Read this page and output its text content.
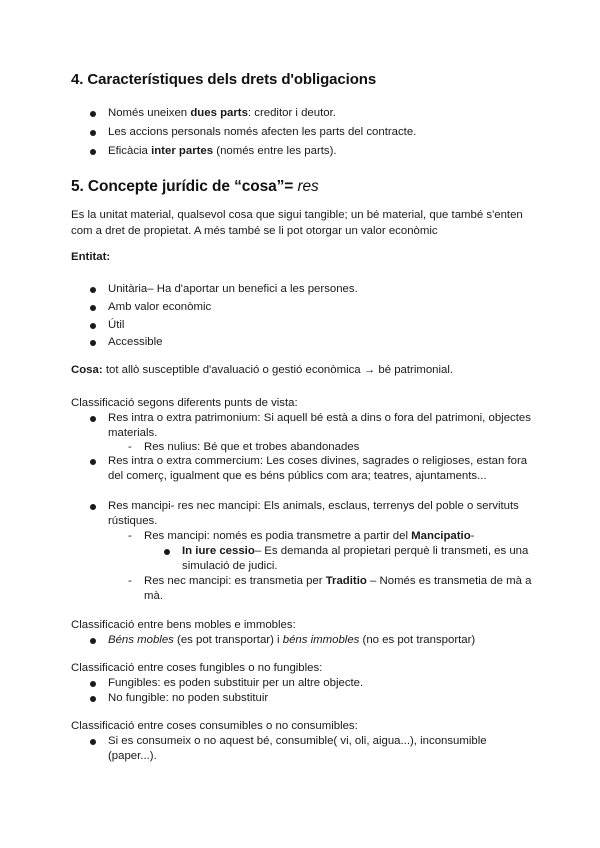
4. Característiques dels drets d'obligacions
Només uneixen dues parts: creditor i deutor.
Les accions personals només afecten les parts del contracte.
Eficàcia inter partes (només entre les parts).
5. Concepte jurídic de “cosa”= res
Es la unitat material, qualsevol cosa que sigui tangible; un bé material, que també s'enten
com a dret de propietat. A més també se li pot otorgar un valor econòmic
Entitat:
Unitària– Ha d'aportar un benefici a les persones.
Amb valor econòmic
Útil
Accessible
Cosa: tot allò susceptible d'avaluació o gestió econòmica → bé patrimonial.
Classificació segons diferents punts de vista:
Res intra o extra patrimonium: Si aquell bé està a dins o fora del patrimoni, objectes
materials.
- Res nulius: Bé que et trobes abandonades
Res intra o extra commercium: Les coses divines, sagrades o religioses, estan fora
del comerç, igualment que es béns públics com ara; teatres, ajuntaments...
Res mancipi- res nec mancipi: Els animals, esclaus, terrenys del poble o servituts
rústiques.
- Res mancipi: només es podia transmetre a partir del Mancipatio-
In iure cessio– Es demanda al propietari perquè li transmeti, es una
simulació de judici.
- Res nec mancipi: es transmetia per Traditio – Només es transmetia de mà a
mà.
Classificació entre bens mobles e immobles:
Béns mobles (es pot transportar) i béns immobles (no es pot transportar)
Classificació entre coses fungibles o no fungibles:
Fungibles: es poden substituir per un altre objecte.
No fungible: no poden substituir
Classificació entre coses consumibles o no consumibles:
Si es consumeix o no aquest bé, consumible( vi, oli, aigua...), inconsumible
(paper...).
